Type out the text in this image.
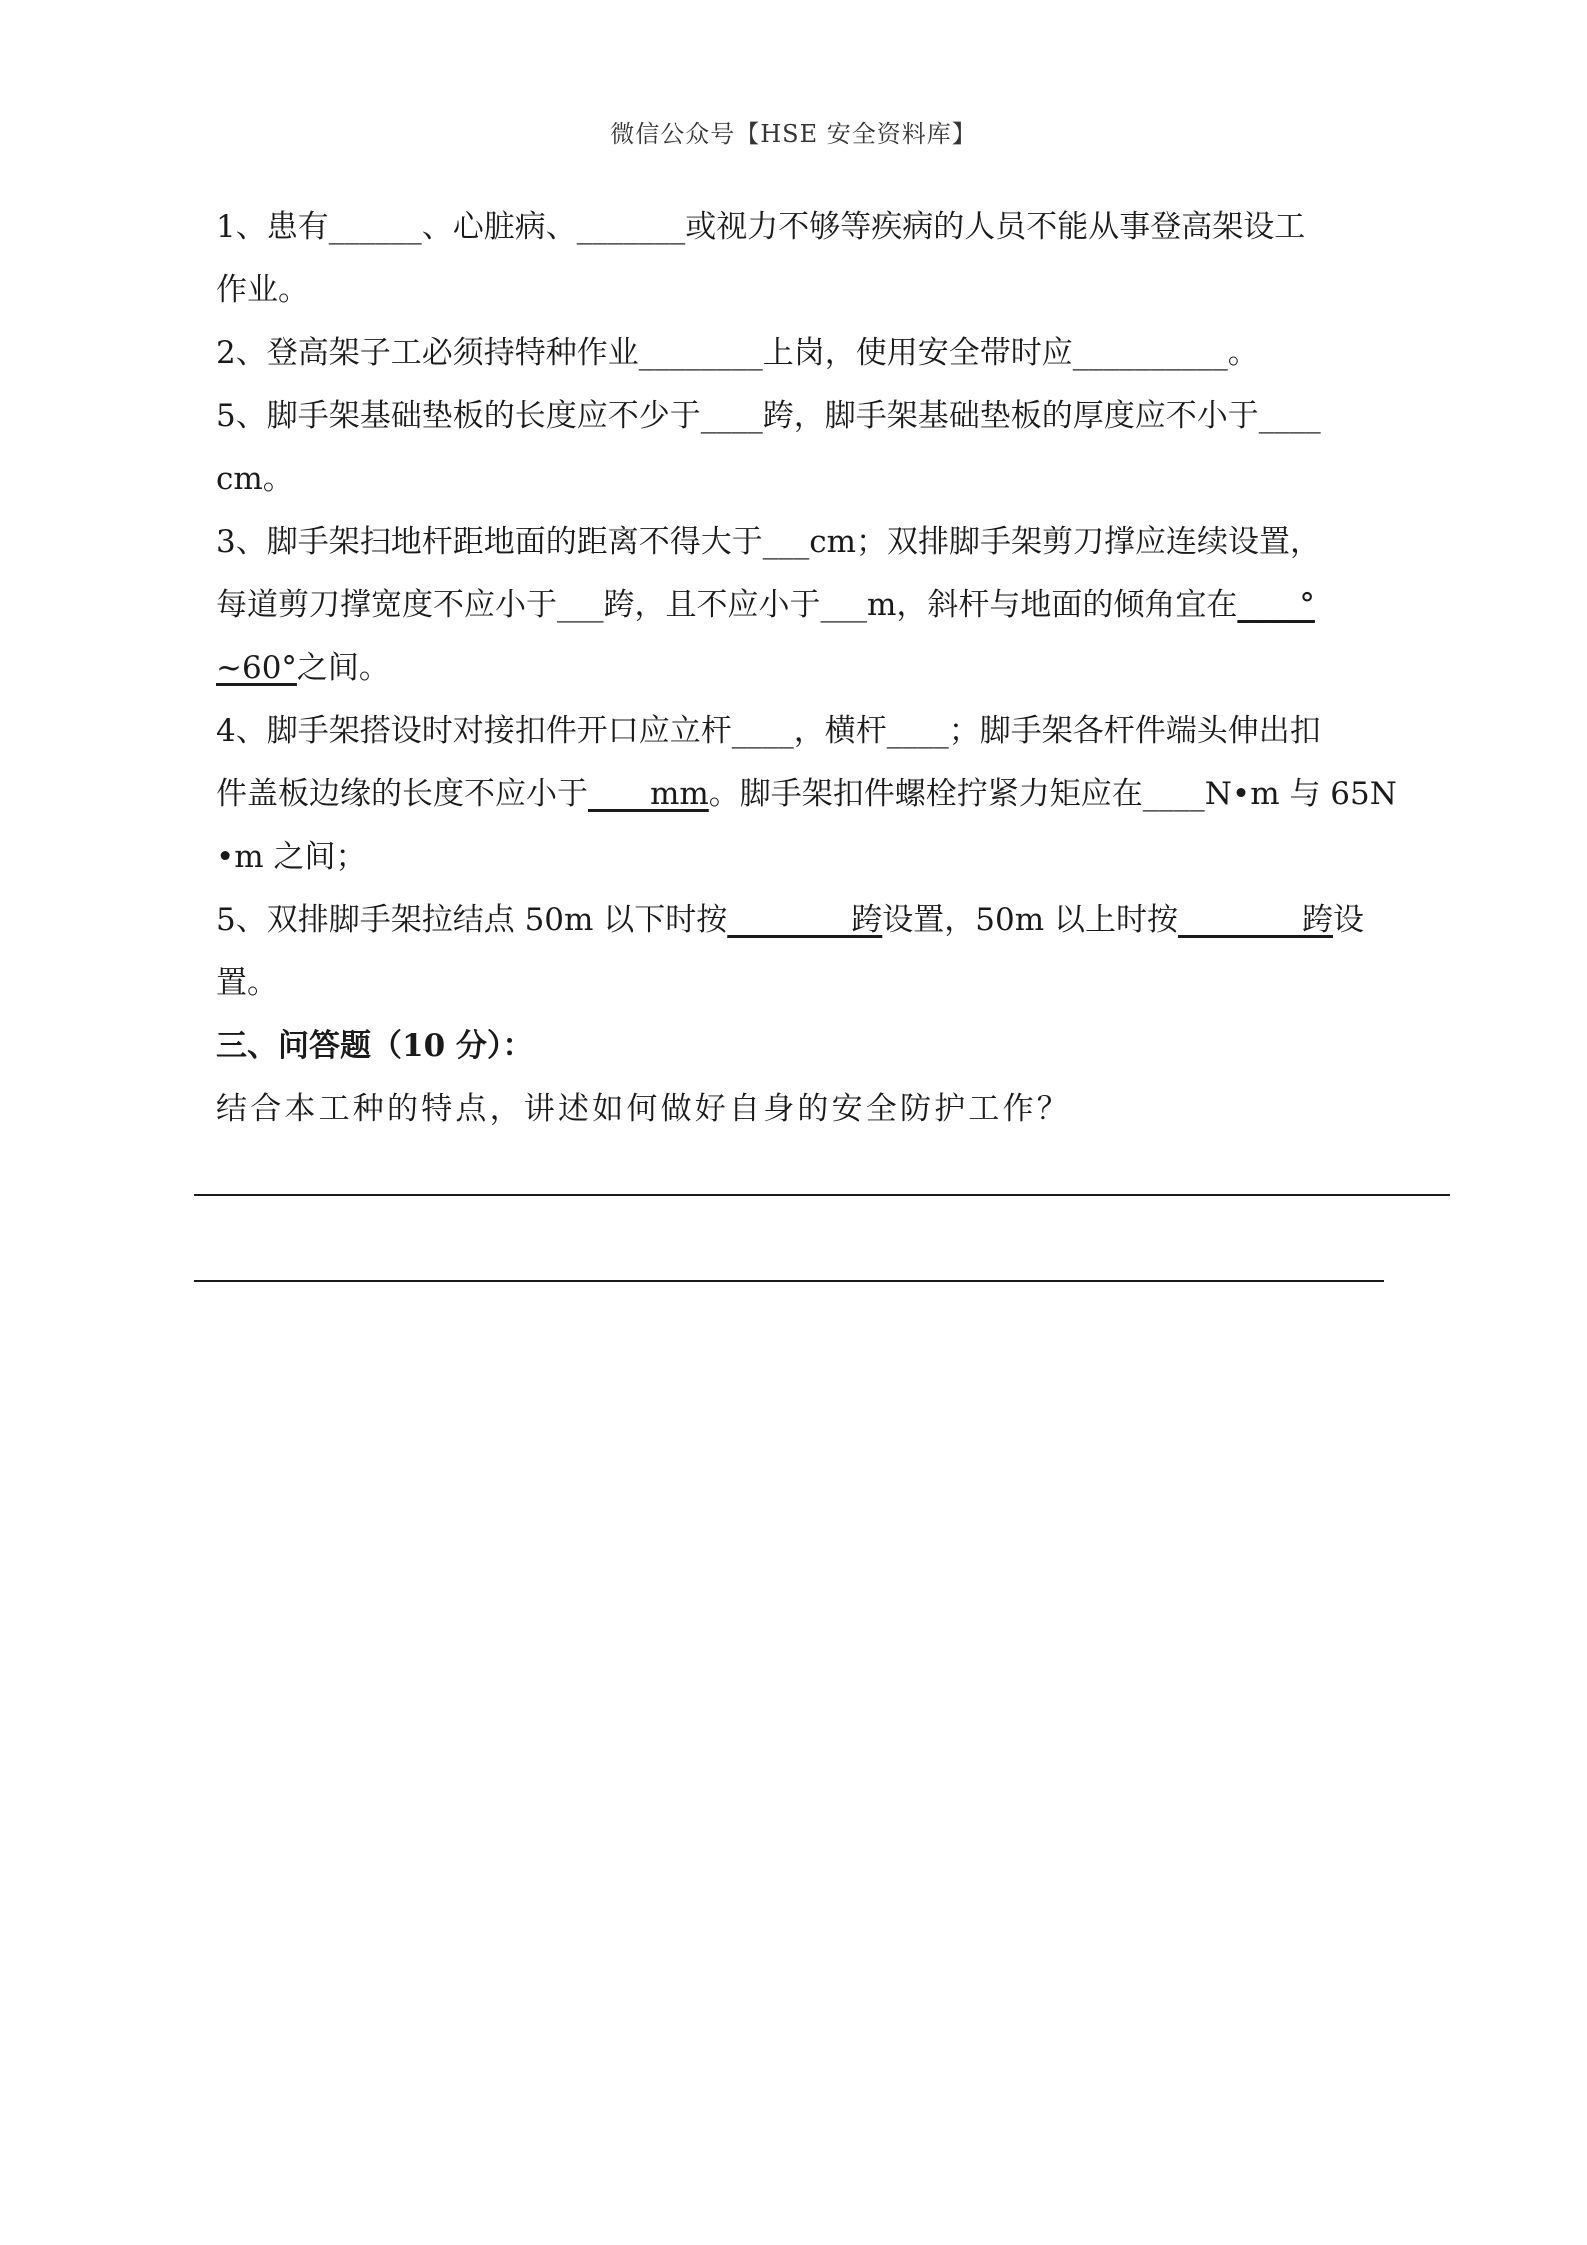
微信公众号【HSE 安全资料库】
1、患有______、心脏病、_______或视力不够等疾病的人员不能从事登高架设工
作业。
2、登高架子工必须持特种作业________上岗，使用安全带时应__________。
5、脚手架基础垫板的长度应不少于____跨，脚手架基础垫板的厚度应不小于____
cm。
3、脚手架扫地杆距地面的距离不得大于___cm；双排脚手架剪刀撑应连续设置，
每道剪刀撑宽度不应小于___跨，且不应小于___m，斜杆与地面的倾角宜在____°
~60°之间。
4、脚手架搭设时对接扣件开口应立杆____，横杆____；脚手架各杆件端头伸出扣
件盖板边缘的长度不应小于____mm。脚手架扣件螺栓拧紧力矩应在____N•m 与 65N
•m 之间；
5、双排脚手架拉结点 50m 以下时按________跨设置，50m 以上时按________跨设
置。
三、问答题（10 分）：
结合本工种的特点，讲述如何做好自身的安全防护工作？
